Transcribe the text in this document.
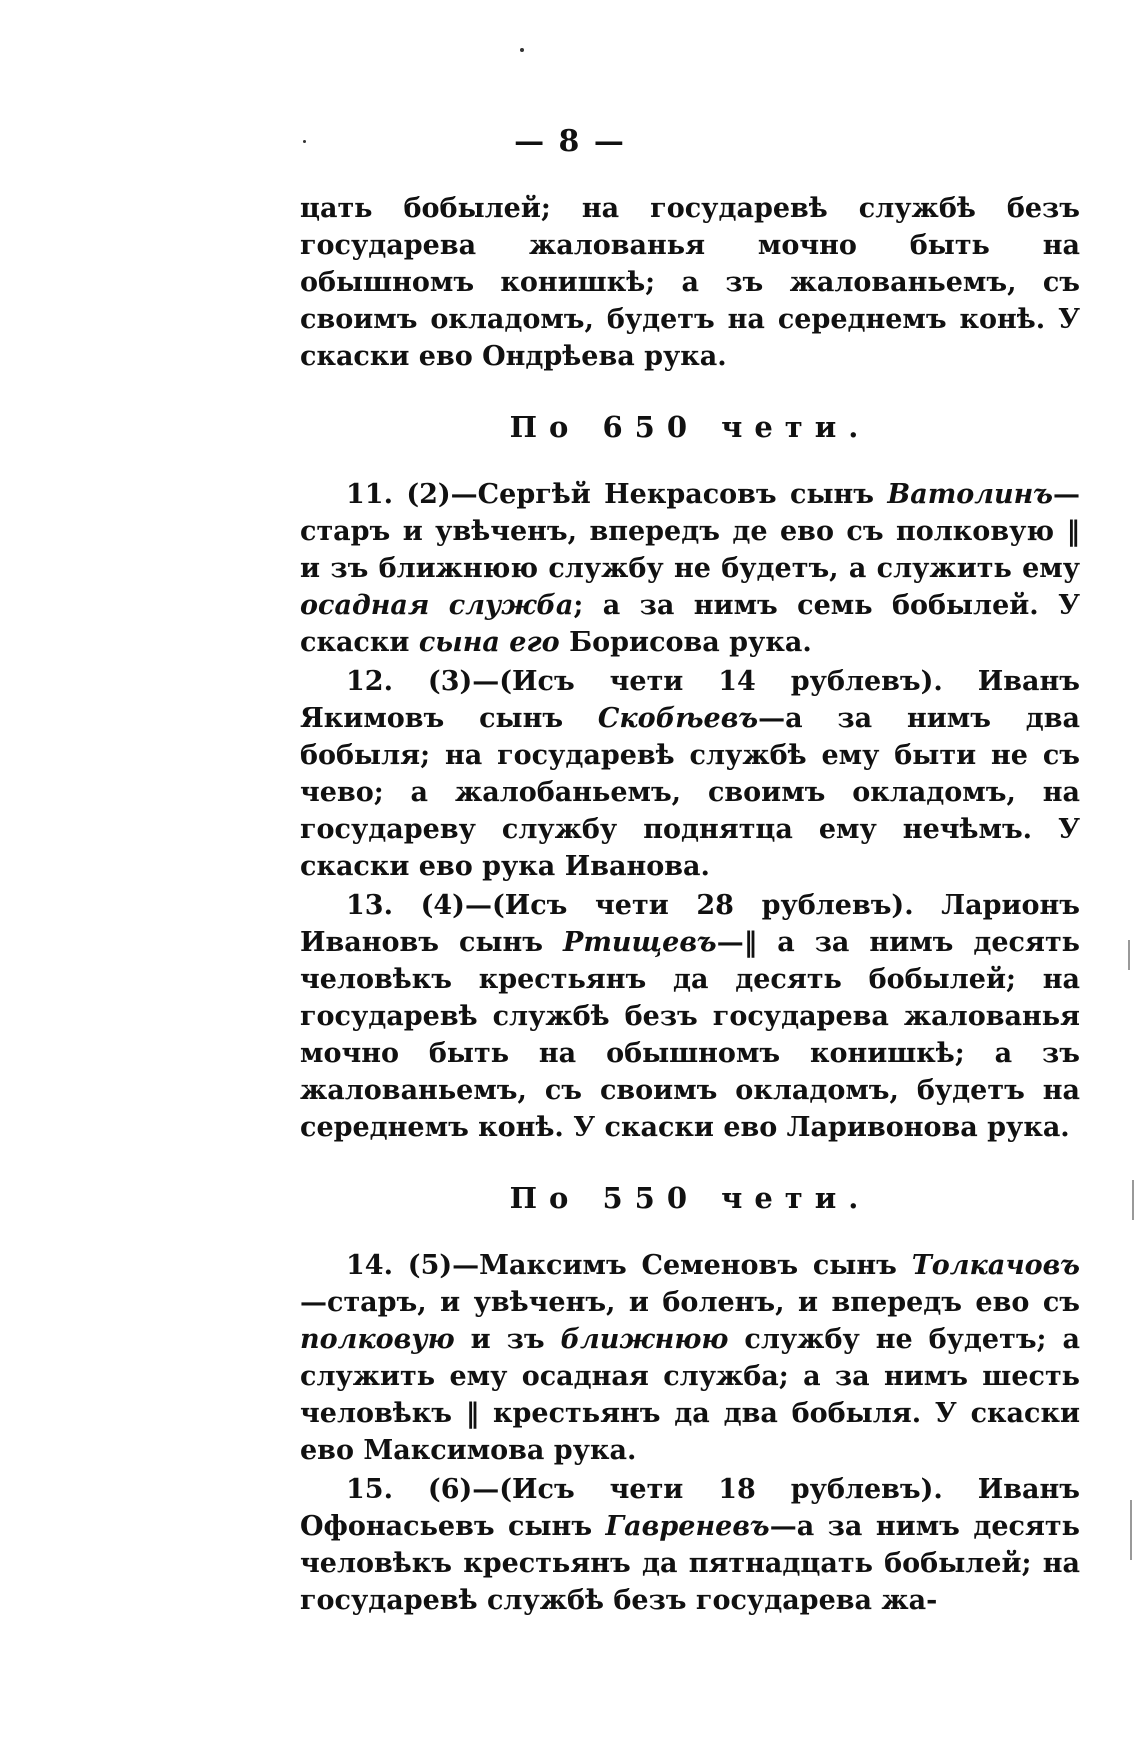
— 8 —

цать бобылей; на государевѣ службѣ безъ государева жалованья мочно быть на обышномъ конишкѣ; а зъ жалованьемъ, съ своимъ окладомъ, будетъ на середнемъ конѣ. У скаски ево Ондрѣева рука.

По 650 чети.

11. (2)—Сергѣй Некрасовъ сынъ Ватолинъ—старъ и увѣченъ, впередъ де ево съ полковую ‖ и зъ ближнюю службу не будетъ, а служить ему осадная служба; а за нимъ семь бобылей. У скаски сына его Борисова рука.

12. (3)—(Исъ чети 14 рублевъ). Иванъ Якимовъ сынъ Скобѣевъ—а за нимъ два бобыля; на государевѣ службѣ ему быти не съ чево; а жалобаньемъ, своимъ окладомъ, на государеву службу поднятца ему нечѣмъ. У скаски ево рука Иванова.

13. (4)—(Исъ чети 28 рублевъ). Ларионъ Ивановъ сынъ Ртищевъ—‖ а за нимъ десять человѣкъ крестьянъ да десять бобылей; на государевѣ службѣ безъ государева жалованья мочно быть на обышномъ конишкѣ; а зъ жалованьемъ, съ своимъ окладомъ, будетъ на середнемъ конѣ. У скаски ево Ларивонова рука.

По 550 чети.

14. (5)—Максимъ Семеновъ сынъ Толкачовъ—старъ, и увѣченъ, и боленъ, и впередъ ево съ полковую и зъ ближнюю службу не будетъ; а служить ему осадная служба; а за нимъ шесть человѣкъ ‖ крестьянъ да два бобыля. У скаски ево Максимова рука.

15. (6)—(Исъ чети 18 рублевъ). Иванъ Офонасьевъ сынъ Гавреневъ—а за нимъ десять человѣкъ крестьянъ да пятнадцать бобылей; на государевѣ службѣ безъ государева жа-
